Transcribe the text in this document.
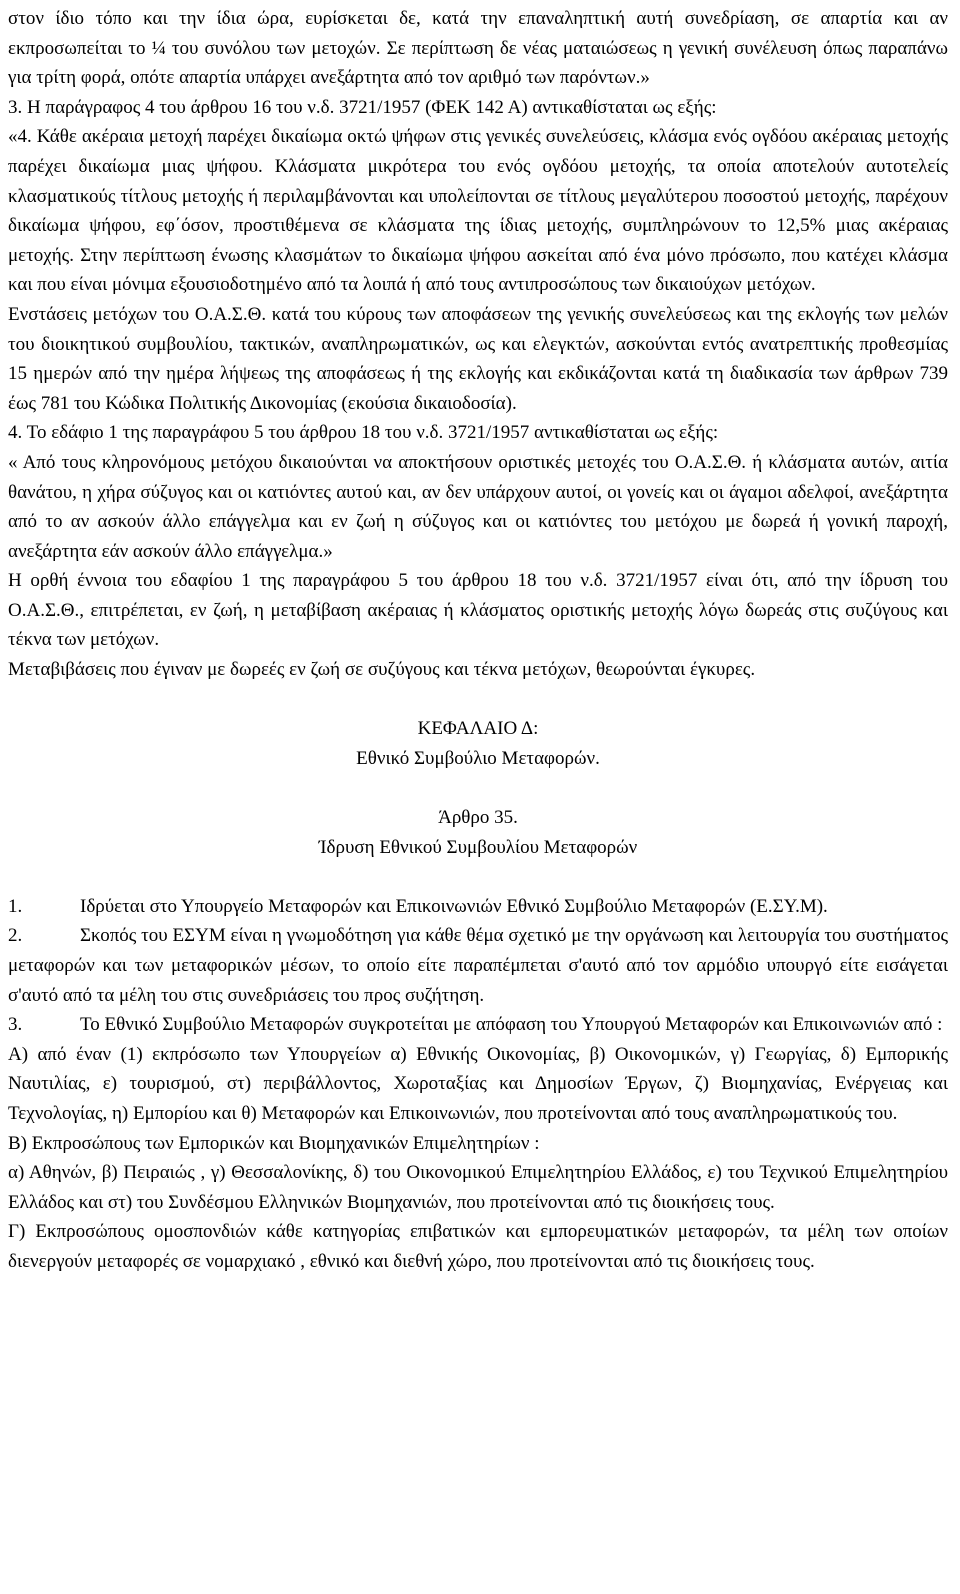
στον ίδιο τόπο και την ίδια ώρα, ευρίσκεται δε, κατά την επαναληπτική αυτή συνεδρίαση, σε απαρτία και αν εκπροσωπείται το ¼ του συνόλου των μετοχών. Σε περίπτωση δε νέας ματαιώσεως η γενική συνέλευση όπως παραπάνω για τρίτη φορά, οπότε απαρτία υπάρχει ανεξάρτητα από τον αριθμό των παρόντων.»

3. Η παράγραφος 4 του άρθρου 16 του ν.δ. 3721/1957 (ΦΕΚ 142 Α) αντικαθίσταται ως εξής:

«4. Κάθε ακέραια μετοχή παρέχει δικαίωμα οκτώ ψήφων στις γενικές συνελεύσεις, κλάσμα ενός ογδόου ακέραιας μετοχής παρέχει δικαίωμα μιας ψήφου. Κλάσματα μικρότερα του ενός ογδόου μετοχής, τα οποία αποτελούν αυτοτελείς κλασματικούς τίτλους μετοχής ή περιλαμβάνονται και υπολείπονται σε τίτλους μεγαλύτερου ποσοστού μετοχής, παρέχουν δικαίωμα ψήφου, εφ΄όσον, προστιθέμενα σε κλάσματα της ίδιας μετοχής, συμπληρώνουν το 12,5% μιας ακέραιας μετοχής. Στην περίπτωση ένωσης κλασμάτων το δικαίωμα ψήφου ασκείται από ένα μόνο πρόσωπο, που κατέχει κλάσμα και που είναι μόνιμα εξουσιοδοτημένο από τα λοιπά ή από τους αντιπροσώπους των δικαιούχων μετόχων.

Ενστάσεις μετόχων του Ο.Α.Σ.Θ. κατά του κύρους των αποφάσεων της γενικής συνελεύσεως και της εκλογής των μελών του διοικητικού συμβουλίου, τακτικών, αναπληρωματικών, ως και ελεγκτών, ασκούνται εντός ανατρεπτικής προθεσμίας 15 ημερών από την ημέρα λήψεως της αποφάσεως ή της εκλογής και εκδικάζονται κατά τη διαδικασία των άρθρων 739 έως 781 του Κώδικα Πολιτικής Δικονομίας (εκούσια δικαιοδοσία).

4. Το εδάφιο 1 της παραγράφου 5 του άρθρου 18 του ν.δ. 3721/1957 αντικαθίσταται ως εξής:

« Από τους κληρονόμους μετόχου δικαιούνται να αποκτήσουν οριστικές μετοχές του Ο.Α.Σ.Θ. ή κλάσματα αυτών, αιτία θανάτου, η χήρα σύζυγος και οι κατιόντες αυτού και, αν δεν υπάρχουν αυτοί, οι γονείς και οι άγαμοι αδελφοί, ανεξάρτητα από το αν ασκούν άλλο επάγγελμα και εν ζωή η σύζυγος και οι κατιόντες του μετόχου με δωρεά ή γονική παροχή, ανεξάρτητα εάν ασκούν άλλο επάγγελμα.»

Η ορθή έννοια του εδαφίου 1 της παραγράφου 5 του άρθρου 18 του ν.δ. 3721/1957 είναι ότι, από την ίδρυση του Ο.Α.Σ.Θ., επιτρέπεται, εν ζωή, η μεταβίβαση ακέραιας ή κλάσματος οριστικής μετοχής λόγω δωρεάς στις συζύγους και τέκνα των μετόχων.

Μεταβιβάσεις που έγιναν με δωρεές εν ζωή σε συζύγους και τέκνα μετόχων, θεωρούνται έγκυρες.

ΚΕΦΑΛΑΙΟ Δ:

Εθνικό Συμβούλιο Μεταφορών.

Άρθρο 35.

Ίδρυση Εθνικού Συμβουλίου Μεταφορών

1.	Ιδρύεται στο Υπουργείο Μεταφορών και Επικοινωνιών Εθνικό Συμβούλιο Μεταφορών (Ε.ΣΥ.Μ).

2.	Σκοπός του ΕΣΥΜ είναι η γνωμοδότηση για κάθε θέμα σχετικό με την οργάνωση και λειτουργία του συστήματος μεταφορών και των μεταφορικών μέσων, το οποίο είτε παραπέμπεται σ'αυτό από τον αρμόδιο υπουργό είτε εισάγεται σ'αυτό από τα μέλη του στις συνεδριάσεις του προς συζήτηση.

3.	Το Εθνικό Συμβούλιο Μεταφορών συγκροτείται με απόφαση του Υπουργού Μεταφορών και Επικοινωνιών από :

Α) από έναν (1) εκπρόσωπο των Υπουργείων α) Εθνικής Οικονομίας, β) Οικονομικών, γ) Γεωργίας, δ) Εμπορικής Ναυτιλίας, ε) τουρισμού, στ) περιβάλλοντος, Χωροταξίας και Δημοσίων Έργων, ζ) Βιομηχανίας, Ενέργειας και Τεχνολογίας, η) Εμπορίου και θ) Μεταφορών και Επικοινωνιών, που προτείνονται από τους αναπληρωματικούς του.

Β) Εκπροσώπους των Εμπορικών και Βιομηχανικών Επιμελητηρίων :

α) Αθηνών, β) Πειραιώς , γ) Θεσσαλονίκης, δ) του Οικονομικού Επιμελητηρίου Ελλάδος, ε) του Τεχνικού Επιμελητηρίου Ελλάδος και στ) του Συνδέσμου Ελληνικών Βιομηχανιών, που προτείνονται από τις διοικήσεις τους.

Γ) Εκπροσώπους ομοσπονδιών κάθε κατηγορίας επιβατικών και εμπορευματικών μεταφορών, τα μέλη των οποίων διενεργούν μεταφορές σε νομαρχιακό , εθνικό και διεθνή χώρο, που προτείνονται από τις διοικήσεις τους.
